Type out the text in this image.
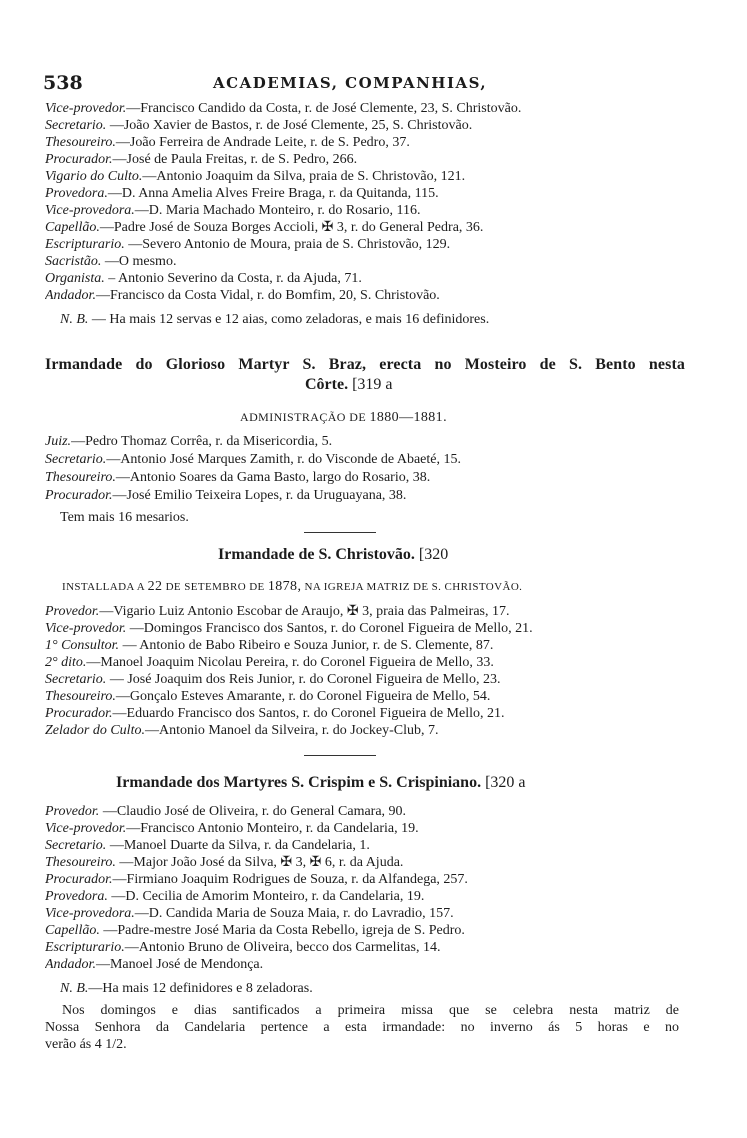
538	ACADEMIAS, COMPANHIAS,
Vice-provedor.—Francisco Candido da Costa, r. de José Clemente, 23, S. Christovão.
Secretario. —João Xavier de Bastos, r. de José Clemente, 25, S. Christovão.
Thesoureiro.—João Ferreira de Andrade Leite, r. de S. Pedro, 37.
Procurador.—José de Paula Freitas, r. de S. Pedro, 266.
Vigario do Culto.—Antonio Joaquim da Silva, praia de S. Christovão, 121.
Provedora.—D. Anna Amelia Alves Freire Braga, r. da Quitanda, 115.
Vice-provedora.—D. Maria Machado Monteiro, r. do Rosario, 116.
Capellão.—Padre José de Souza Borges Accioli, ✠ 3, r. do General Pedra, 36.
Escripturario. —Severo Antonio de Moura, praia de S. Christovão, 129.
Sacristão. —O mesmo.
Organista. – Antonio Severino da Costa, r. da Ajuda, 71.
Andador.—Francisco da Costa Vidal, r. do Bomfim, 20, S. Christovão.
N. B. — Ha mais 12 servas e 12 aias, como zeladoras, e mais 16 definidores.
Irmandade do Glorioso Martyr S. Braz, erecta no Mosteiro de S. Bento nesta
Côrte. [319 a
ADMINISTRAÇÃO DE 1880—1881.
Juiz.—Pedro Thomaz Corrêa, r. da Misericordia, 5.
Secretario.—Antonio José Marques Zamith, r. do Visconde de Abaeté, 15.
Thesoureiro.—Antonio Soares da Gama Basto, largo do Rosario, 38.
Procurador.—José Emilio Teixeira Lopes, r. da Uruguayana, 38.
Tem mais 16 mesarios.
Irmandade de S. Christovão. [320
INSTALLADA A 22 DE SETEMBRO DE 1878, NA IGREJA MATRIZ DE S. CHRISTOVÃO.
Provedor.—Vigario Luiz Antonio Escobar de Araujo, ✠ 3, praia das Palmeiras, 17.
Vice-provedor. —Domingos Francisco dos Santos, r. do Coronel Figueira de Mello, 21.
1° Consultor. — Antonio de Babo Ribeiro e Souza Junior, r. de S. Clemente, 87.
2° dito.—Manoel Joaquim Nicolau Pereira, r. do Coronel Figueira de Mello, 33.
Secretario. — José Joaquim dos Reis Junior, r. do Coronel Figueira de Mello, 23.
Thesoureiro.—Gonçalo Esteves Amarante, r. do Coronel Figueira de Mello, 54.
Procurador.—Eduardo Francisco dos Santos, r. do Coronel Figueira de Mello, 21.
Zelador do Culto.—Antonio Manoel da Silveira, r. do Jockey-Club, 7.
Irmandade dos Martyres S. Crispim e S. Crispiniano. [320 a
Provedor. —Claudio José de Oliveira, r. do General Camara, 90.
Vice-provedor.—Francisco Antonio Monteiro, r. da Candelaria, 19.
Secretario. —Manoel Duarte da Silva, r. da Candelaria, 1.
Thesoureiro. —Major João José da Silva, ✠ 3, ✠ 6, r. da Ajuda.
Procurador.—Firmiano Joaquim Rodrigues de Souza, r. da Alfandega, 257.
Provedora. —D. Cecilia de Amorim Monteiro, r. da Candelaria, 19.
Vice-provedora.—D. Candida Maria de Souza Maia, r. do Lavradio, 157.
Capellão. —Padre-mestre José Maria da Costa Rebello, igreja de S. Pedro.
Escripturario.—Antonio Bruno de Oliveira, becco dos Carmelitas, 14.
Andador.—Manoel José de Mendonça.
N. B.—Ha mais 12 definidores e 8 zeladoras.
Nos domingos e dias santificados a primeira missa que se celebra nesta matriz de
Nossa Senhora da Candelaria pertence a esta irmandade: no inverno ás 5 horas e no
verão ás 4 1/2.
